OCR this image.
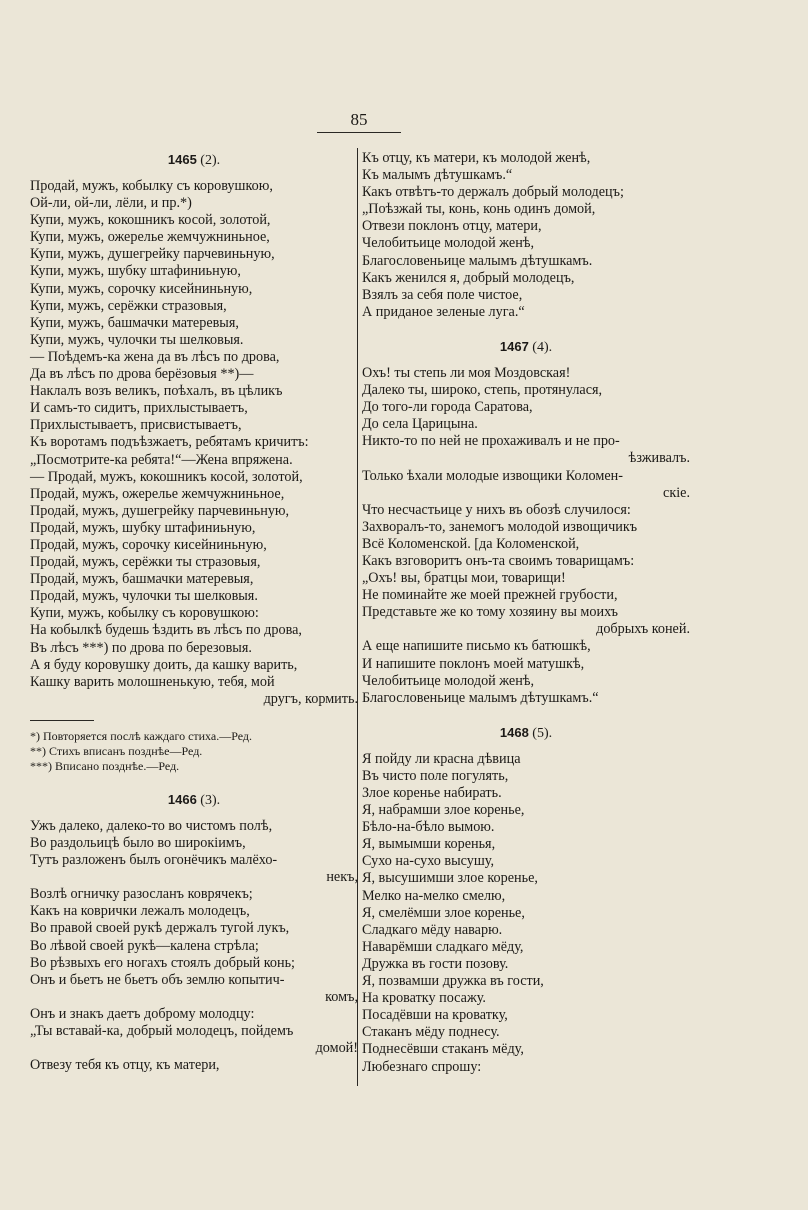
85
1465 (2).
Продай, мужъ, кобылку съ коровушкою,
Ой-ли, ой-ли, лёли, и пр.*)
Купи, мужъ, кокошникъ косой, золотой,
Купи, мужъ, ожерелье жемчужниньное,
Купи, мужъ, душегрейку парчевиньную,
Купи, мужъ, шубку штафиниьную,
Купи, мужъ, сорочку кисейниньную,
Купи, мужъ, серёжки стразовыя,
Купи, мужъ, башмачки матеревыя,
Купи, мужъ, чулочки ты шелковыя.
— Поѣдемъ-ка жена да въ лѣсъ по дрова,
Да въ лѣсъ по дрова берёзовыя **)—
Наклалъ возъ великъ, поѣхалъ, въ цѣликъ
И самъ-то сидитъ, прихлыстываетъ,
Прихлыстываетъ, присвистываетъ,
Къ воротамъ подъѣзжаетъ, ребятамъ кричитъ:
„Посмотрите-ка ребята!“—Жена впряжена.
— Продай, мужъ, кокошникъ косой, золотой,
Продай, мужъ, ожерелье жемчужниньное,
Продай, мужъ, душегрейку парчевиньную,
Продай, мужъ, шубку штафиниьную,
Продай, мужъ, сорочку кисейниньную,
Продай, мужъ, серёжки ты стразовыя,
Продай, мужъ, башмачки матеревыя,
Продай, мужъ, чулочки ты шелковыя.
Купи, мужъ, кобылку съ коровушкою:
На кобылкѣ будешь ѣздить въ лѣсъ по дрова,
Въ лѣсъ ***) по дрова по березовыя.
А я буду коровушку доить, да кашку варить,
Кашку варить молошненькую, тебя, мой
другъ, кормить.
*) Повторяется послѣ каждаго стиха.—Ред.
**) Стихъ вписанъ позднѣе—Ред.
***) Вписано позднѣе.—Ред.
1466 (3).
Ужъ далеко, далеко-то во чистомъ полѣ,
Во раздольицѣ было во широкіимъ,
Тутъ разложенъ былъ огонёчикъ малёхо-
некъ,
Возлѣ огничку разосланъ коврячекъ;
Какъ на коврички лежалъ молодецъ,
Во правой своей рукѣ держалъ тугой лукъ,
Во лѣвой своей рукѣ—калена стрѣла;
Во рѣзвыхъ его ногахъ стоялъ добрый конь;
Онъ и бьетъ не бьетъ объ землю копытич-
комъ,
Онъ и знакъ даетъ доброму молодцу:
„Ты вставай-ка, добрый молодецъ, пойдемъ
домой!
Отвезу тебя къ отцу, къ матери,
Къ отцу, къ матери, къ молодой женѣ,
Къ малымъ дѣтушкамъ.“
Какъ отвѣтъ-то держалъ добрый молодецъ;
„Поѣзжай ты, конь, конь одинъ домой,
Отвези поклонъ отцу, матери,
Челобитьице молодой женѣ,
Благословеньице малымъ дѣтушкамъ.
Какъ женился я, добрый молодецъ,
Взялъ за себя поле чистое,
А приданое зеленые луга.“
1467 (4).
Охъ! ты степь ли моя Моздовская!
Далеко ты, широко, степь, протянулася,
До того-ли города Саратова,
До села Царицына.
Никто-то по ней не прохаживалъ и не про-
ѣзживалъ.
Только ѣхали молодые извощики Коломен-
скіе.
Что несчастьице у нихъ въ обозѣ случилося:
Захворалъ-то, занемогъ молодой извощичикъ
Всё Коломенской. [да Коломенской,
Какъ взговоритъ онъ-та своимъ товарищамъ:
„Охъ! вы, братцы мои, товарищи!
Не поминайте же моей прежней грубости,
Представьте же ко тому хозяину вы моихъ
добрыхъ коней.
А еще напишите письмо къ батюшкѣ,
И напишите поклонъ моей матушкѣ,
Челобитьице молодой женѣ,
Благословеньице малымъ дѣтушкамъ.“
1468 (5).
Я пойду ли красна дѣвица
Въ чисто поле погулять,
Злое коренье набирать.
Я, набрамши злое коренье,
Бѣло-на-бѣло вымою.
Я, вымымши коренья,
Сухо на-сухо высушу,
Я, высушимши злое коренье,
Мелко на-мелко смелю,
Я, смелёмши злое коренье,
Сладкаго мёду наварю.
Наварёмши сладкаго мёду,
Дружка въ гости позову.
Я, позвамши дружка въ гости,
На кроватку посажу.
Посадёвши на кроватку,
Стаканъ мёду поднесу.
Поднесёвши стаканъ мёду,
Любезнаго спрошу:
